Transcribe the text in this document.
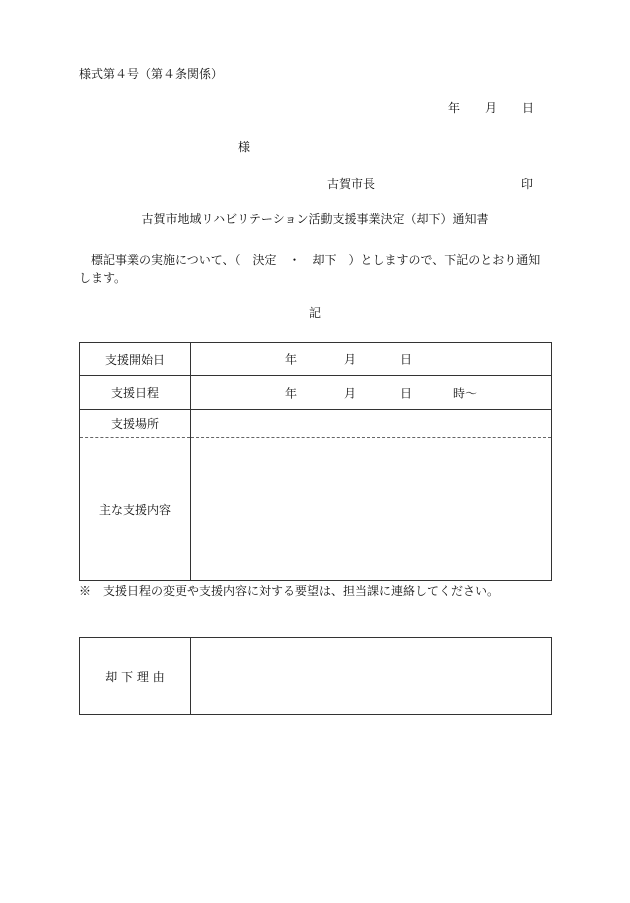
様式第４号（第４条関係）
年 月 日
様
古賀市長	印
古賀市地域リハビリテーション活動支援事業決定（却下）通知書
　標記事業の実施について、（　決定　・　却下　）としますので、下記のとおり通知します。
記
支援開始日	年 月 日

支援日程	年 月 日 時～

支援場所	
主な支援内容	
※　支援日程の変更や支援内容に対する要望は、担当課に連絡してください。
却 下 理 由	
